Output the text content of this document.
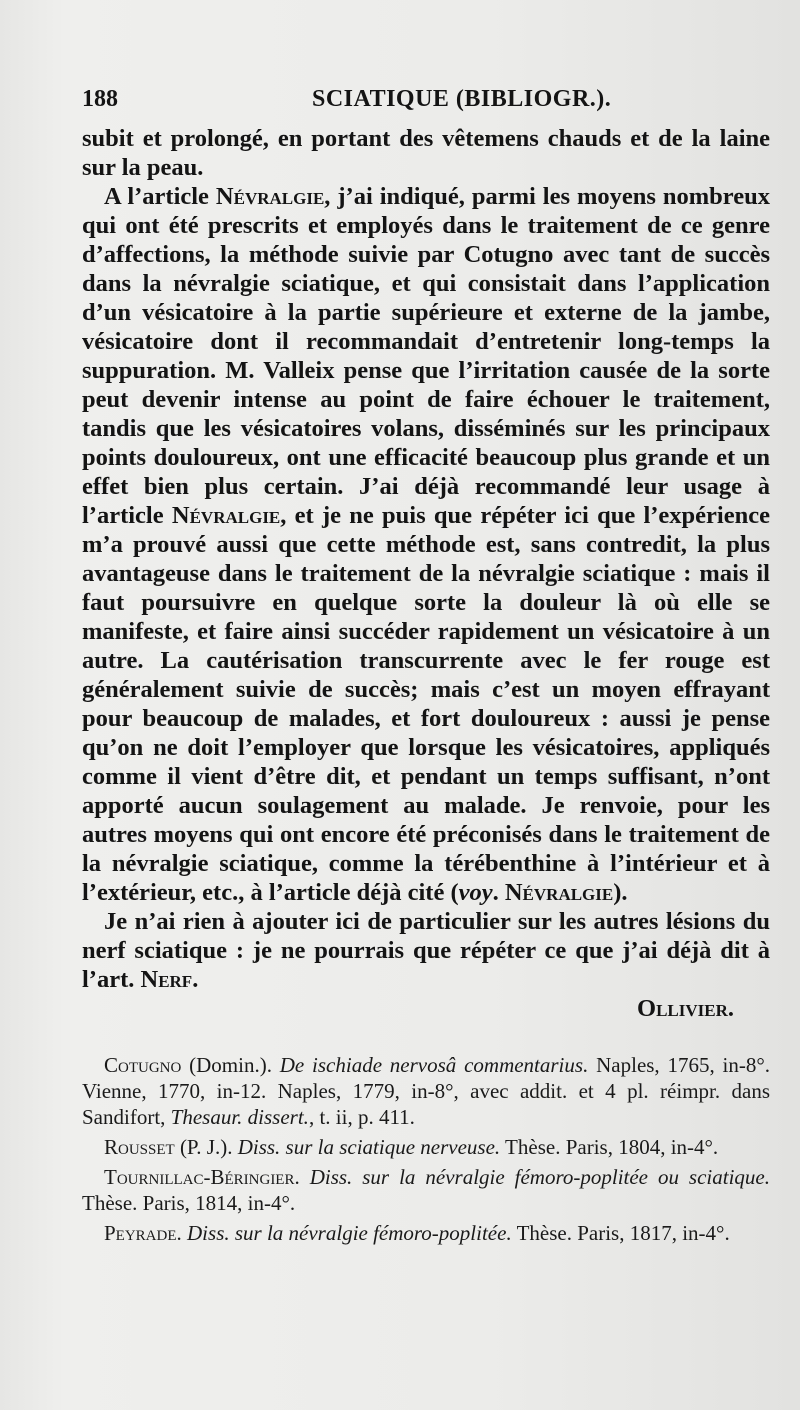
188	SCIATIQUE (BIBLIOGR.).

subit et prolongé, en portant des vêtemens chauds et de la laine sur la peau.

A l’article Névralgie, j’ai indiqué, parmi les moyens nombreux qui ont été prescrits et employés dans le traitement de ce genre d’affections, la méthode suivie par Cotugno avec tant de succès dans la névralgie sciatique, et qui consistait dans l’application d’un vésicatoire à la partie supérieure et externe de la jambe, vésicatoire dont il recommandait d’entretenir long-temps la suppuration. M. Valleix pense que l’irritation causée de la sorte peut devenir intense au point de faire échouer le traitement, tandis que les vésicatoires volans, disséminés sur les principaux points douloureux, ont une efficacité beaucoup plus grande et un effet bien plus certain. J’ai déjà recommandé leur usage à l’article Névralgie, et je ne puis que répéter ici que l’expérience m’a prouvé aussi que cette méthode est, sans contredit, la plus avantageuse dans le traitement de la névralgie sciatique : mais il faut poursuivre en quelque sorte la douleur là où elle se manifeste, et faire ainsi succéder rapidement un vésicatoire à un autre. La cautérisation transcurrente avec le fer rouge est généralement suivie de succès; mais c’est un moyen effrayant pour beaucoup de malades, et fort douloureux : aussi je pense qu’on ne doit l’employer que lorsque les vésicatoires, appliqués comme il vient d’être dit, et pendant un temps suffisant, n’ont apporté aucun soulagement au malade. Je renvoie, pour les autres moyens qui ont encore été préconisés dans le traitement de la névralgie sciatique, comme la térébenthine à l’intérieur et à l’extérieur, etc., à l’article déjà cité (voy. Névralgie).

Je n’ai rien à ajouter ici de particulier sur les autres lésions du nerf sciatique : je ne pourrais que répéter ce que j’ai déjà dit à l’art. Nerf.

Ollivier.

Cotugno (Domin.). De ischiade nervosâ commentarius. Naples, 1765, in-8°. Vienne, 1770, in-12. Naples, 1779, in-8°, avec addit. et 4 pl. réimpr. dans Sandifort, Thesaur. dissert., t. ii, p. 411.

Rousset (P. J.). Diss. sur la sciatique nerveuse. Thèse. Paris, 1804, in-4°.

Tournillac-Béringier. Diss. sur la névralgie fémoro-poplitée ou sciatique. Thèse. Paris, 1814, in-4°.

Peyrade. Diss. sur la névralgie fémoro-poplitée. Thèse. Paris, 1817, in-4°.
